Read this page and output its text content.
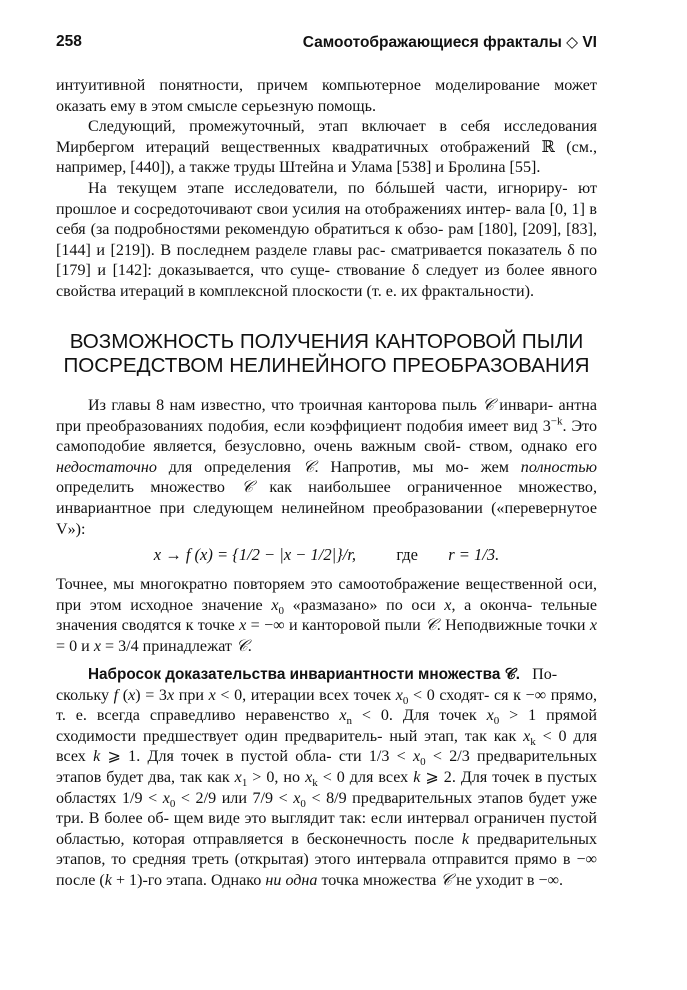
258	Самоотображающиеся фракталы ◇ VI

интуитивной понятности, причем компьютерное моделирование может оказать ему в этом смысле серьезную помощь.

Следующий, промежуточный, этап включает в себя исследования Мирбергом итераций вещественных квадратичных отображений ℝ (см., например, [440]), а также труды Штейна и Улама [538] и Бролина [55].

На текущем этапе исследователи, по бóльшей части, игнориру- ют прошлое и сосредоточивают свои усилия на отображениях интер- вала [0, 1] в себя (за подробностями рекомендую обратиться к обзо- рам [180], [209], [83], [144] и [219]). В последнем разделе главы рас- сматривается показатель δ по [179] и [142]: доказывается, что суще- ствование δ следует из более явного свойства итераций в комплексной плоскости (т. е. их фрактальности).

ВОЗМОЖНОСТЬ ПОЛУЧЕНИЯ КАНТОРОВОЙ ПЫЛИ
ПОСРЕДСТВОМ НЕЛИНЕЙНОГО ПРЕОБРАЗОВАНИЯ

Из главы 8 нам известно, что троичная канторова пыль 𝒞 инвари- антна при преобразованиях подобия, если коэффициент подобия имеет вид $3^{-k}$. Это самоподобие является, безусловно, очень важным свой- ством, однако его недостаточно для определения 𝒞. Напротив, мы мо- жем полностью определить множество 𝒞 как наибольшее ограниченное множество, инвариантное при следующем нелинейном преобразовании («перевернутое V»):

x → f (x) = {1/2 − |x − 1/2|}/r, где r = 1/3.

Точнее, мы многократно повторяем это самоотображение вещественной оси, при этом исходное значение $x_0$ «размазано» по оси x, а оконча- тельные значения сводятся к точке x = −∞ и канторовой пыли 𝒞. Неподвижные точки x = 0 и x = 3/4 принадлежат 𝒞.

Набросок доказательства инвариантности множества 𝒞. По-
скольку f (x) = 3x при x < 0, итерации всех точек $x_0 < 0$ сходят- ся к −∞ прямо, т. е. всегда справедливо неравенство $x_n < 0$. Для точек $x_0 > 1$ прямой сходимости предшествует один предваритель- ный этап, так как $x_k < 0$ для всех k ⩾ 1. Для точек в пустой обла- сти $1/3 < x_0 < 2/3$ предварительных этапов будет два, так как $x_1 > 0$, но $x_k < 0$ для всех k ⩾ 2. Для точек в пустых областях $1/9 < x_0 < 2/9$ или $7/9 < x_0 < 8/9$ предварительных этапов будет уже три. В более об- щем виде это выглядит так: если интервал ограничен пустой областью, которая отправляется в бесконечность после k предварительных этапов, то средняя треть (открытая) этого интервала отправится прямо в −∞ после (k + 1)-го этапа. Однако ни одна точка множества 𝒞 не уходит в −∞.
